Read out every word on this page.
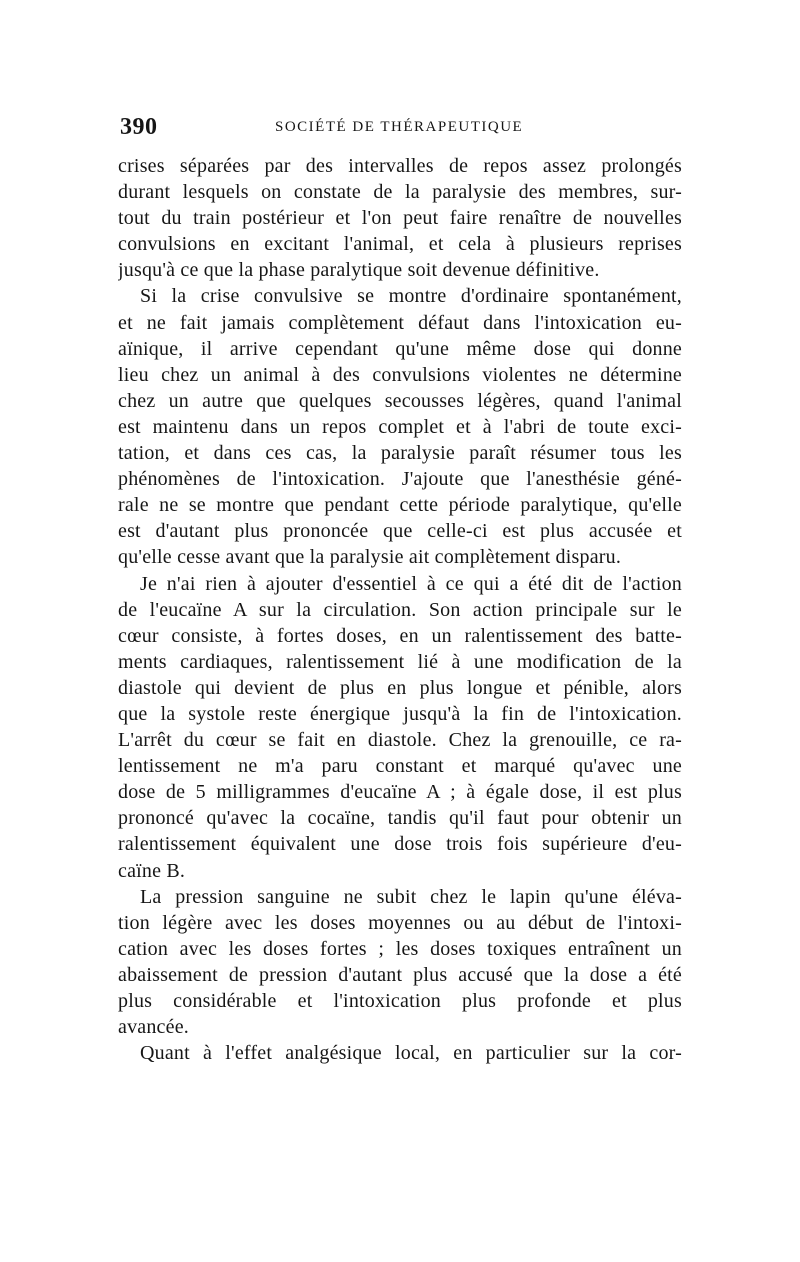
390	SOCIÉTÉ DE THÉRAPEUTIQUE
crises séparées par des intervalles de repos assez prolongés
durant lesquels on constate de la paralysie des membres, sur-
tout du train postérieur et l'on peut faire renaître de nouvelles
convulsions en excitant l'animal, et cela à plusieurs reprises
jusqu'à ce que la phase paralytique soit devenue définitive.
Si la crise convulsive se montre d'ordinaire spontanément,
et ne fait jamais complètement défaut dans l'intoxication eu-
aïnique, il arrive cependant qu'une même dose qui donne
lieu chez un animal à des convulsions violentes ne détermine
chez un autre que quelques secousses légères, quand l'animal
est maintenu dans un repos complet et à l'abri de toute exci-
tation, et dans ces cas, la paralysie paraît résumer tous les
phénomènes de l'intoxication. J'ajoute que l'anesthésie géné-
rale ne se montre que pendant cette période paralytique, qu'elle
est d'autant plus prononcée que celle-ci est plus accusée et
qu'elle cesse avant que la paralysie ait complètement disparu.
Je n'ai rien à ajouter d'essentiel à ce qui a été dit de l'action
de l'eucaïne A sur la circulation. Son action principale sur le
cœur consiste, à fortes doses, en un ralentissement des batte-
ments cardiaques, ralentissement lié à une modification de la
diastole qui devient de plus en plus longue et pénible, alors
que la systole reste énergique jusqu'à la fin de l'intoxication.
L'arrêt du cœur se fait en diastole. Chez la grenouille, ce ra-
lentissement ne m'a paru constant et marqué qu'avec une
dose de 5 milligrammes d'eucaïne A ; à égale dose, il est plus
prononcé qu'avec la cocaïne, tandis qu'il faut pour obtenir un
ralentissement équivalent une dose trois fois supérieure d'eu-
caïne B.
La pression sanguine ne subit chez le lapin qu'une éléva-
tion légère avec les doses moyennes ou au début de l'intoxi-
cation avec les doses fortes ; les doses toxiques entraînent un
abaissement de pression d'autant plus accusé que la dose a été
plus considérable et l'intoxication plus profonde et plus
avancée.
Quant à l'effet analgésique local, en particulier sur la cor-
